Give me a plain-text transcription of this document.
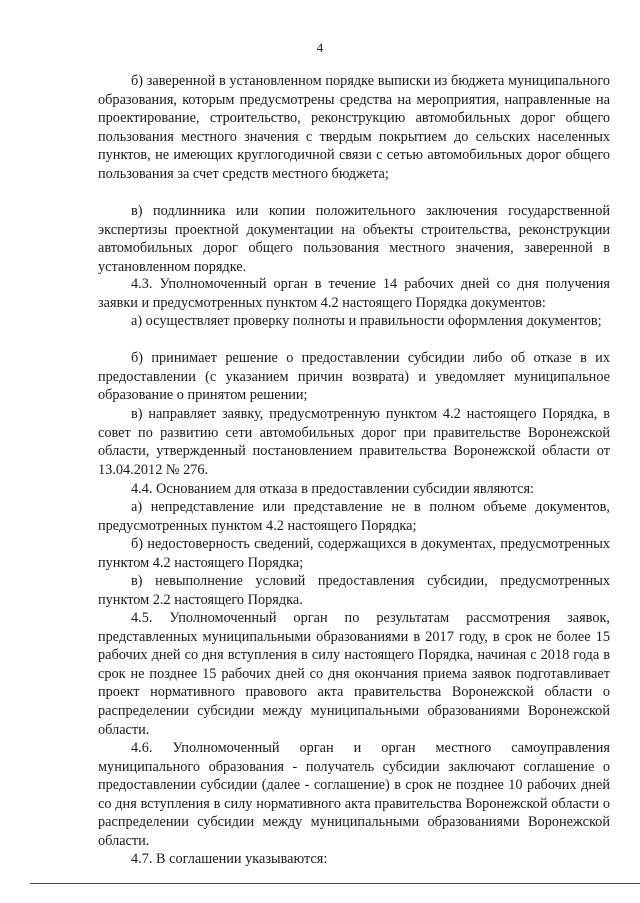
4

б) заверенной в установленном порядке выписки из бюджета муниципального образования, которым предусмотрены средства на мероприятия, направленные на проектирование, строительство, реконструкцию автомобильных дорог общего пользования местного значения с твердым покрытием до сельских населенных пунктов, не имеющих круглогодичной связи с сетью автомобильных дорог общего пользования за счет средств местного бюджета;

в) подлинника или копии положительного заключения государственной экспертизы проектной документации на объекты строительства, реконструкции автомобильных дорог общего пользования местного значения, заверенной в установленном порядке.

4.3. Уполномоченный орган в течение 14 рабочих дней со дня получения заявки и предусмотренных пунктом 4.2 настоящего Порядка документов:

а) осуществляет проверку полноты и правильности оформления документов;

б) принимает решение о предоставлении субсидии либо об отказе в их предоставлении (с указанием причин возврата) и уведомляет муниципальное образование о принятом решении;

в) направляет заявку, предусмотренную пунктом 4.2 настоящего Порядка, в совет по развитию сети автомобильных дорог при правительстве Воронежской области, утвержденный постановлением правительства Воронежской области от 13.04.2012 № 276.

4.4. Основанием для отказа в предоставлении субсидии являются:

а) непредставление или представление не в полном объеме документов, предусмотренных пунктом 4.2 настоящего Порядка;

б) недостоверность сведений, содержащихся в документах, предусмотренных пунктом 4.2 настоящего Порядка;

в) невыполнение условий предоставления субсидии, предусмотренных пунктом 2.2 настоящего Порядка.

4.5. Уполномоченный орган по результатам рассмотрения заявок, представленных муниципальными образованиями в 2017 году, в срок не более 15 рабочих дней со дня вступления в силу настоящего Порядка, начиная с 2018 года в срок не позднее 15 рабочих дней со дня окончания приема заявок подготавливает проект нормативного правового акта правительства Воронежской области о распределении субсидии между муниципальными образованиями Воронежской области.

4.6. Уполномоченный орган и орган местного самоуправления муниципального образования - получатель субсидии заключают соглашение о предоставлении субсидии (далее - соглашение) в срок не позднее 10 рабочих дней со дня вступления в силу нормативного акта правительства Воронежской области о распределении субсидии между муниципальными образованиями Воронежской области.

4.7. В соглашении указываются:
